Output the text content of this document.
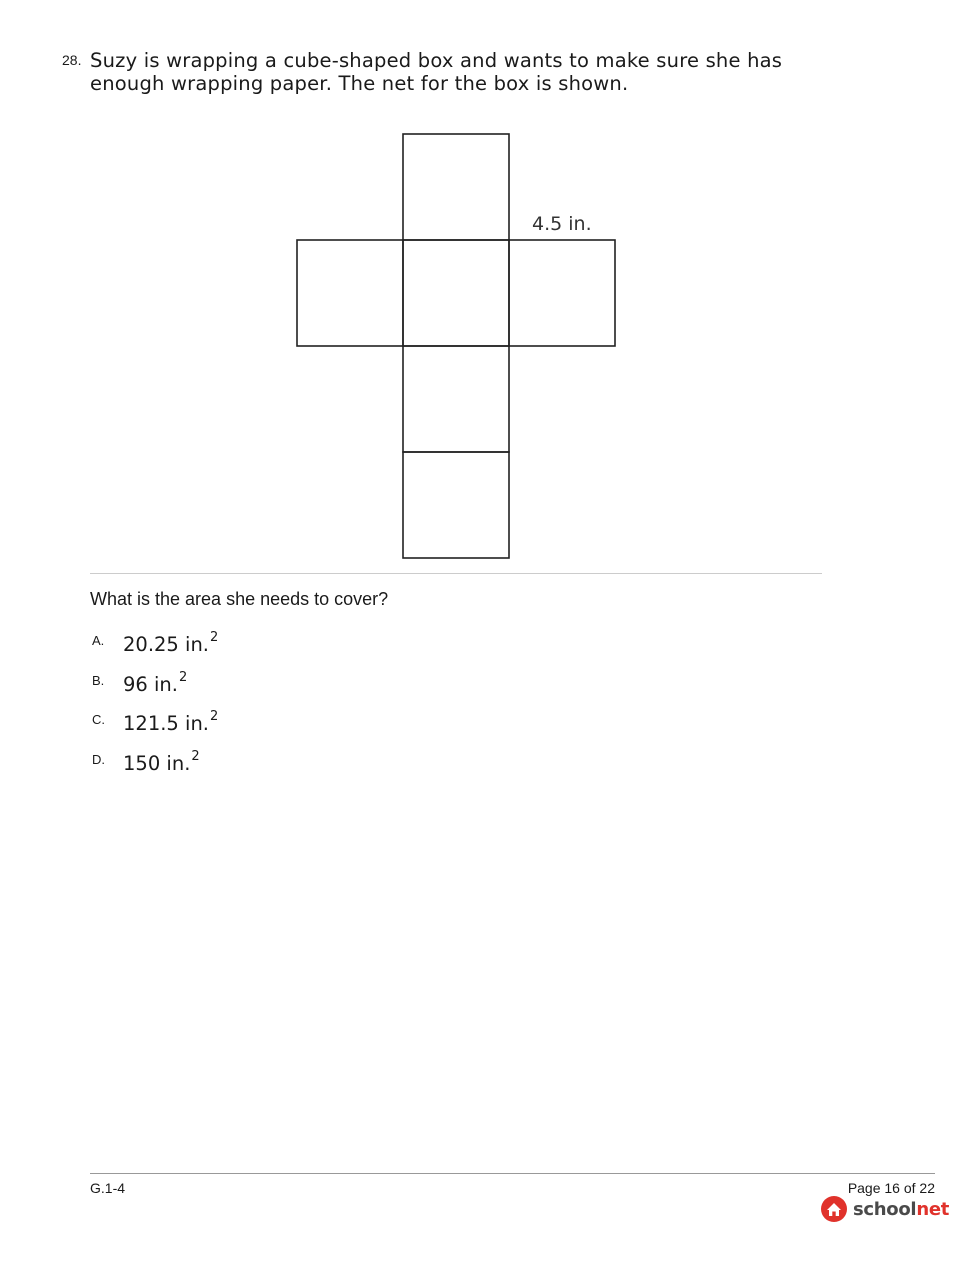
28. Suzy is wrapping a cube-shaped box and wants to make sure she has enough wrapping paper. The net for the box is shown.
4.5 in.
What is the area she needs to cover?
A. 20.25 in.$^2$
B. 96 in.$^2$
C. 121.5 in.$^2$
D. 150 in.$^2$
G.1-4	Page 16 of 22
schoolnet
